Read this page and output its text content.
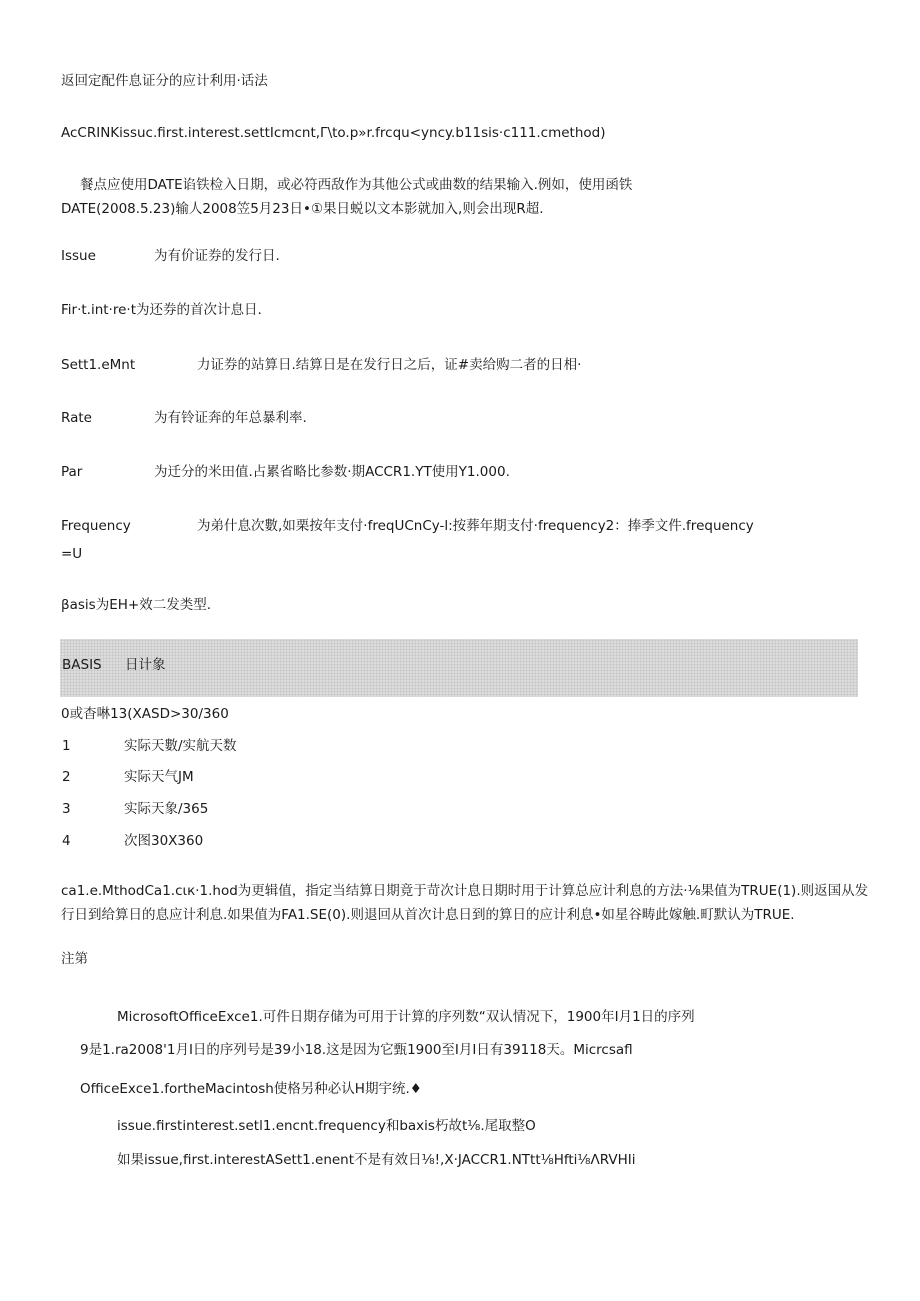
返回定配件息证分的应计利用·话法
AcCRINKissuc.first.interest.settIcmcnt,Γ\to.p»r.frcqu<yncy.b11sis·c111.cmethod)
餐点应使用DATE谄铁检入日期，或必符西敌作为其他公式或曲数的结果输入.例如，使用函铁
DATE(2008.5.23)输人2008笠5月23日•①果日蜕以文本影就加入,则会出现R超.
Issue	为有价证券的发行日.
Fir·t.int·re·t为还券的首次计息日.
Sett1.eMnt	力证券的站算日.结算日是在发行日之后，证#卖给购二者的日相·
Rate	为有铃证奔的年总暴利率.
Par	为迁分的米田值.占累省略比参数·期ACCR1.YT使用Y1.000.
Frequency	为弟什息次數,如栗按年支付·freqUCnCy-l:按葬年期支付·frequency2：捧季文件.frequency
=U
βasis为EH+效二发类型.
BASIS 日计象
0或杳啉13(XASD>30/360
1	实际天數/实航天数
2	实际天气JM
3	实际天象/365
4	次图30X360
ca1.e.MthodCa1.cιк·1.hod为更辑值，指定当结算日期竟于苛次计息日期时用于计算总应计利息的方法·⅛果值为TRUE(1).则返国从发
行日到给算日的息应计利息.如果值为FA1.SE(0).则退回从首次计息日到的算日的应计利息•如星谷畴此嫁触.町默认为TRUE.
注第
MicrosoftOfficeExce1.可件日期存储为可用于计算的序列数“双认情况下，1900年Ⅰ月1日的序列
9是1.ra2008'1月Ⅰ日的序列号是39小18.这是因为它甄1900至Ⅰ月Ⅰ日有39118天。Micrcsafl
OfficeExce1.fortheMacintosh使格另种必认H期宇统.♦
issue.firstinterest.setl1.encnt.frequency和baxis朽故t⅛.尾取整O
如果issue,first.interestASett1.enent不是有效日⅛!,X·JACCR1.NTtt⅛Hfti⅛ΛRVHIi
